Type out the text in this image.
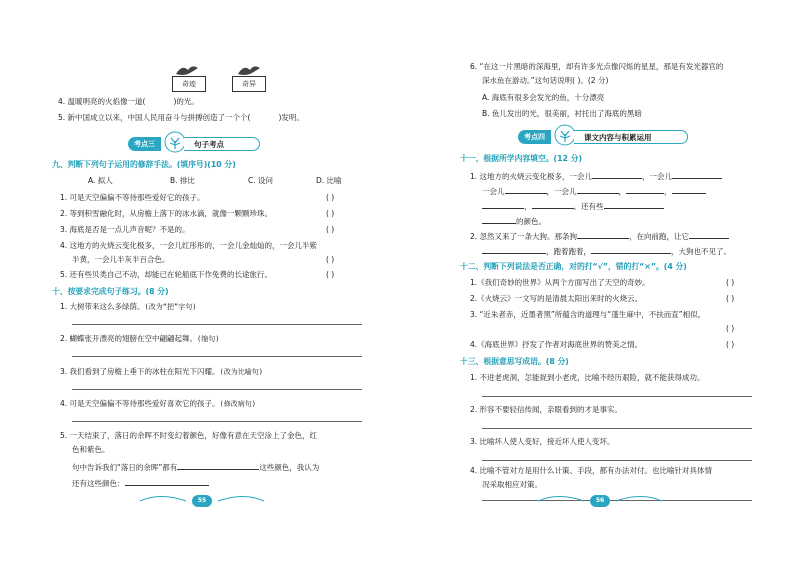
奇迹	奇异
4. 温暖明亮的火焰像一道(	)的光。
5. 新中国成立以来，中国人民用奋斗与拼搏创造了一个个(	)发明。
考点三	句子考点
九、判断下列句子运用的修辞手法。(填序号)(10 分)
A. 拟人	B. 排比	C. 设问	D. 比喻
1. 可是天空偏偏不等待那些爱好它的孩子。	( )
2. 等到积雪融化时，从房檐上落下的冰水滴，就像一颗颗珍珠。	( )
3. 海底是否是一点儿声音呢？不是的。	( )
4. 这地方的火烧云变化极多，一会儿红彤彤的，一会儿金灿灿的，一会儿半紫
半黄，一会儿半灰半百合色。	( )
5. 还有些贝类自己不动，却能已在轮船底下作免费的长途旅行。	( )
十、按要求完成句子练习。(8 分)
1. 大树带来这么多绿荫。(改为“把”字句)
2. 蝴蝶张开漂亮的翅膀在空中翩翩起舞。(缩句)
3. 我们看到了房檐上垂下的冰柱在阳光下闪耀。(改为比喻句)
4. 可是天空偏偏不等待那些爱好喜欢它的孩子。(修改病句)
5. 一天结束了，落日的余晖不时变幻着颜色，好像有意在天空涂上了金色，红
色和紫色。
句中告诉我们“落日的余晖”都有	这些颜色，我认为
还有这些颜色：
55
6. “在这一片黑暗的深海里，却有许多光点像闪烁的星星，那是有发光器官的
深水鱼在游动。”这句话说明( )。(2 分)
A. 海底有很多会发光的鱼，十分漂亮
B. 鱼儿发出的光，很美丽，衬托出了海底的黑暗
考点四	课文内容与积累运用
十一、根据所学内容填空。(12 分)
1. 这地方的火烧云变化极多，一会儿	，一会儿
一会儿	，一会儿	，	，
，	。还有些
的颜色。
2. 忽然又来了一条大狗。那条狗	，在向前跑，让它
，跑着跑着，	，大狗也不见了。
十二、判断下列说法是否正确，对的打“√”，错的打“×”。(4 分)
1.《我们奇妙的世界》从两个方面写出了天空的奇妙。	( )
2.《火烧云》一文写的是清晨太阳出来时的火烧云。	( )
3. “近朱者赤，近墨者黑”所蕴含的道理与“蓬生麻中，不扶而直”相似。
( )
4.《海底世界》抒发了作者对海底世界的赞美之情。	( )
十三、根据意思写成语。(8 分)
1. 不进老虎洞，怎能捉到小老虎，比喻不经历艰险，就不能获得成功。
2. 形容不要轻信传闻，亲眼看到的才是事实。
3. 比喻坏人使人变好，接近坏人使人变坏。
4. 比喻不管对方是用什么计策、手段，都有办法对付。也比喻针对具体情
况采取相应对策。
56
